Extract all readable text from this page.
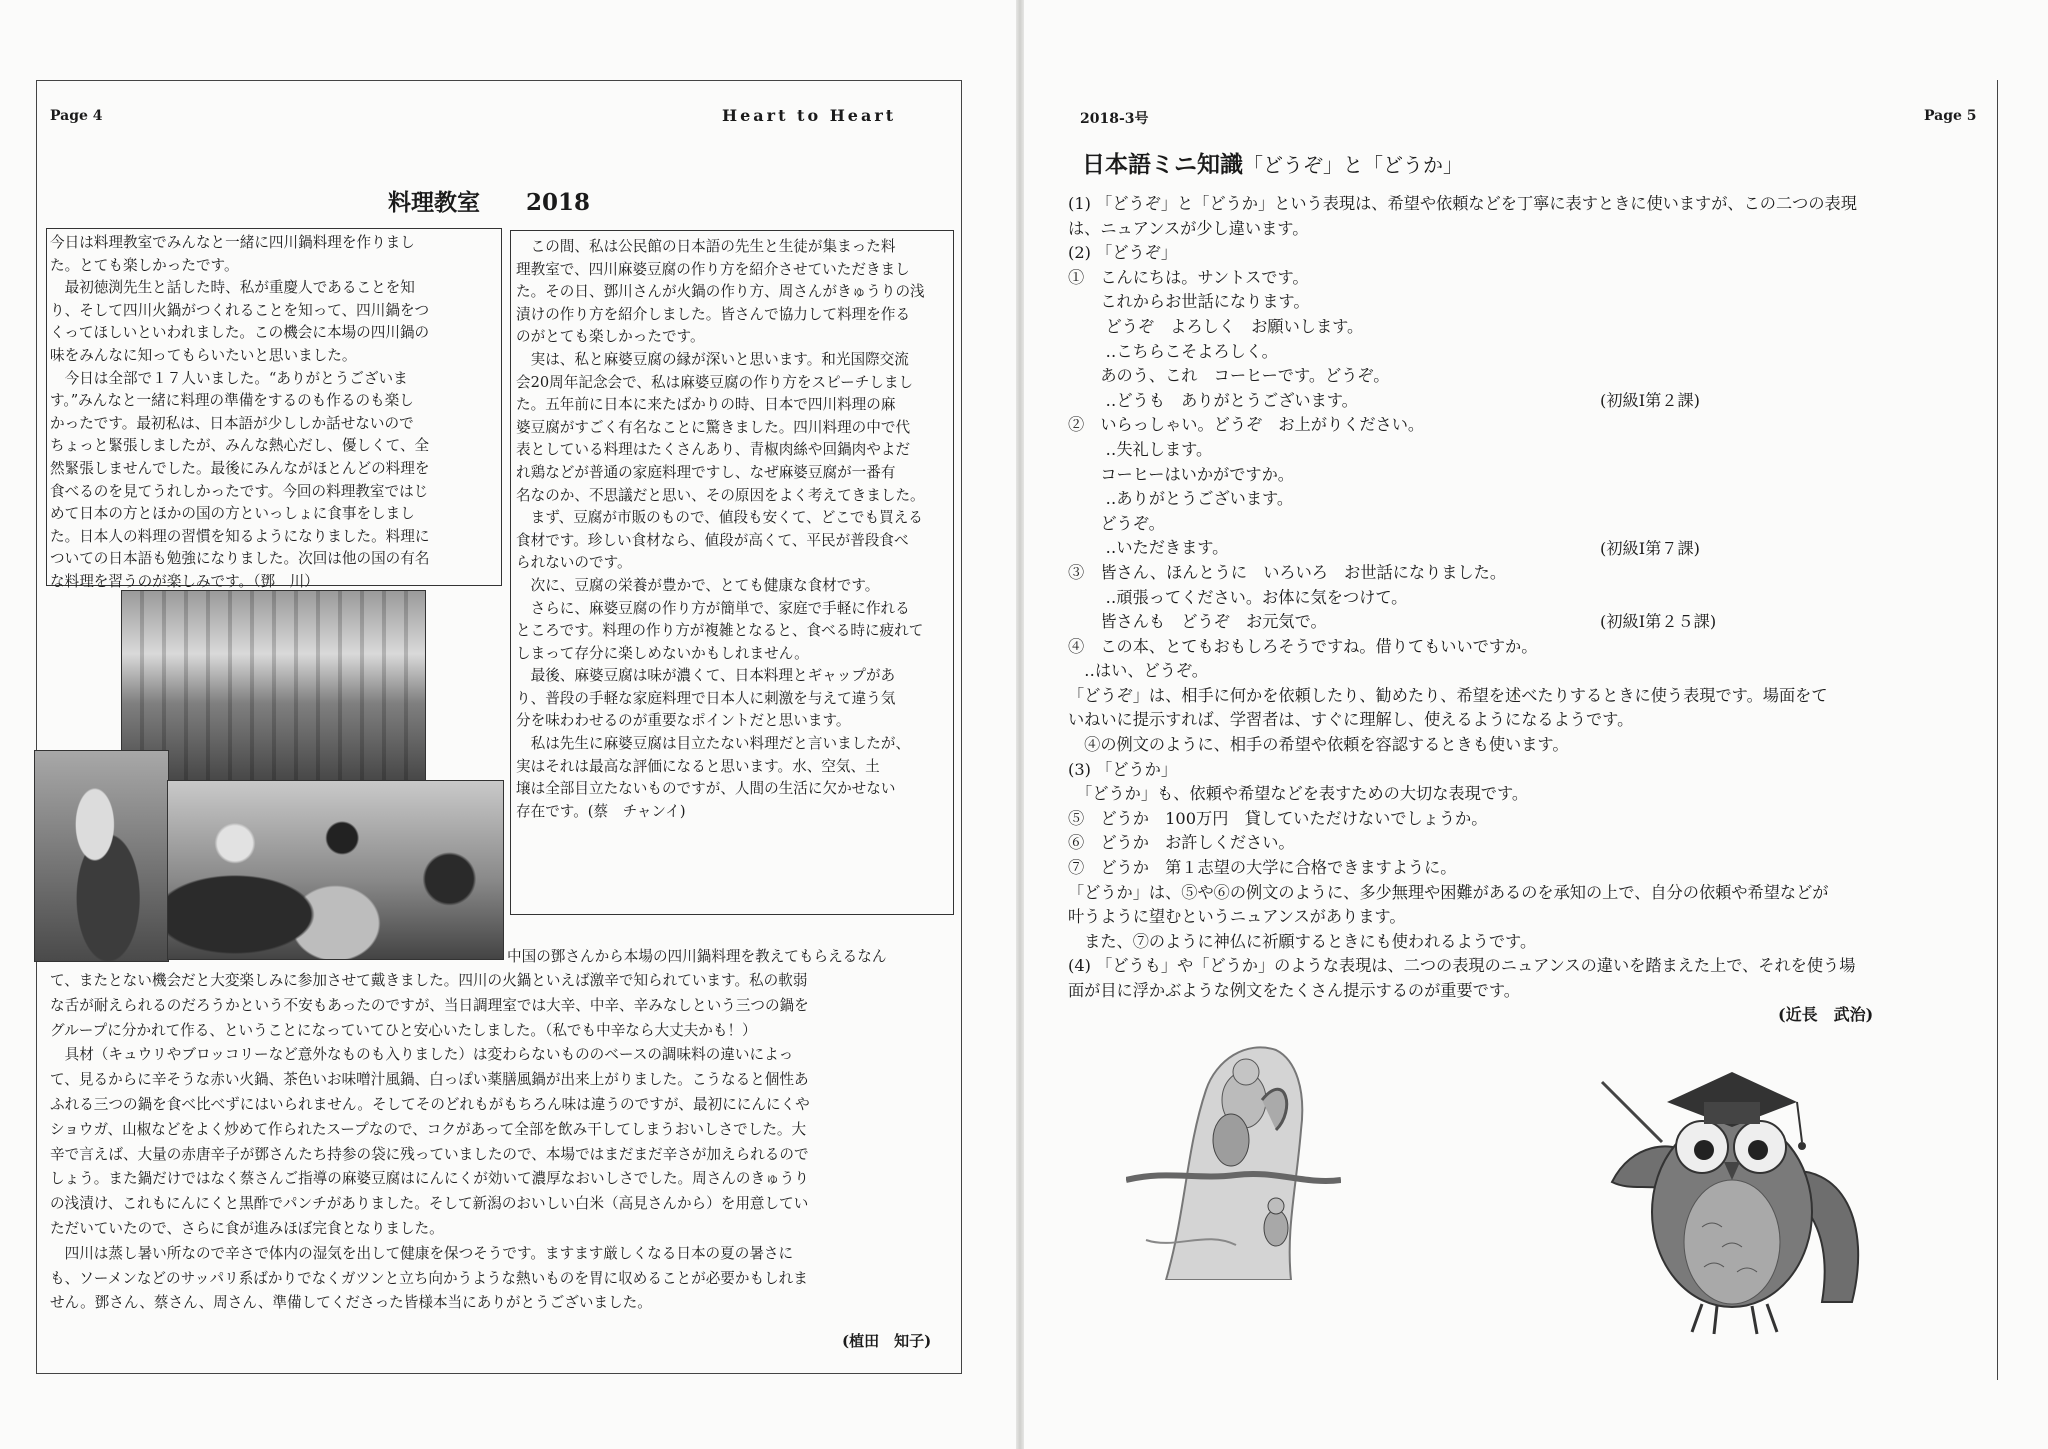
Page 4	Heart to Heart
料理教室　　2018
今日は料理教室でみんなと一緒に四川鍋料理を作りまし
た。とても楽しかったです。
　最初徳渕先生と話した時、私が重慶人であることを知
り、そして四川火鍋がつくれることを知って、四川鍋をつ
くってほしいといわれました。この機会に本場の四川鍋の
味をみんなに知ってもらいたいと思いました。
　今日は全部で１７人いました。“ありがとうございま
す。”みんなと一緒に料理の準備をするのも作るのも楽し
かったです。最初私は、日本語が少ししか話せないので
ちょっと緊張しましたが、みんな熱心だし、優しくて、全
然緊張しませんでした。最後にみんながほとんどの料理を
食べるのを見てうれしかったです。今回の料理教室ではじ
めて日本の方とほかの国の方といっしょに食事をしまし
た。日本人の料理の習慣を知るようになりました。料理に
ついての日本語も勉強になりました。次回は他の国の有名
な料理を習うのが楽しみです。（鄧　川）
　この間、私は公民館の日本語の先生と生徒が集まった料
理教室で、四川麻婆豆腐の作り方を紹介させていただきまし
た。その日、鄧川さんが火鍋の作り方、周さんがきゅうりの浅
漬けの作り方を紹介しました。皆さんで協力して料理を作る
のがとても楽しかったです。
　実は、私と麻婆豆腐の縁が深いと思います。和光国際交流
会20周年記念会で、私は麻婆豆腐の作り方をスピーチしまし
た。五年前に日本に来たばかりの時、日本で四川料理の麻
婆豆腐がすごく有名なことに驚きました。四川料理の中で代
表としている料理はたくさんあり、青椒肉絲や回鍋肉やよだ
れ鶏などが普通の家庭料理ですし、なぜ麻婆豆腐が一番有
名なのか、不思議だと思い、その原因をよく考えてきました。
　まず、豆腐が市販のもので、値段も安くて、どこでも買える
食材です。珍しい食材なら、値段が高くて、平民が普段食べ
られないのです。
　次に、豆腐の栄養が豊かで、とても健康な食材です。
　さらに、麻婆豆腐の作り方が簡単で、家庭で手軽に作れる
ところです。料理の作り方が複雑となると、食べる時に疲れて
しまって存分に楽しめないかもしれません。
　最後、麻婆豆腐は味が濃くて、日本料理とギャップがあ
り、普段の手軽な家庭料理で日本人に刺激を与えて違う気
分を味わわせるのが重要なポイントだと思います。
　私は先生に麻婆豆腐は目立たない料理だと言いましたが、
実はそれは最高な評価になると思います。水、空気、土
壌は全部目立たないものですが、人間の生活に欠かせない
存在です。(蔡　チャンイ)
中国の鄧さんから本場の四川鍋料理を教えてもらえるなん
て、またとない機会だと大変楽しみに参加させて戴きました。四川の火鍋といえば激辛で知られています。私の軟弱
な舌が耐えられるのだろうかという不安もあったのですが、当日調理室では大辛、中辛、辛みなしという三つの鍋を
グループに分かれて作る、ということになっていてひと安心いたしました。（私でも中辛なら大丈夫かも！）
　具材（キュウリやブロッコリーなど意外なものも入りました）は変わらないもののベースの調味料の違いによっ
て、見るからに辛そうな赤い火鍋、茶色いお味噌汁風鍋、白っぽい薬膳風鍋が出来上がりました。こうなると個性あ
ふれる三つの鍋を食べ比べずにはいられません。そしてそのどれもがもちろん味は違うのですが、最初ににんにくや
ショウガ、山椒などをよく炒めて作られたスープなので、コクがあって全部を飲み干してしまうおいしさでした。大
辛で言えば、大量の赤唐辛子が鄧さんたち持参の袋に残っていましたので、本場ではまだまだ辛さが加えられるので
しょう。また鍋だけではなく蔡さんご指導の麻婆豆腐はにんにくが効いて濃厚なおいしさでした。周さんのきゅうり
の浅漬け、これもにんにくと黒酢でパンチがありました。そして新潟のおいしい白米（高見さんから）を用意してい
ただいていたので、さらに食が進みほぼ完食となりました。
　四川は蒸し暑い所なので辛さで体内の湿気を出して健康を保つそうです。ますます厳しくなる日本の夏の暑さに
も、ソーメンなどのサッパリ系ばかりでなくガツンと立ち向かうような熱いものを胃に収めることが必要かもしれま
せん。鄧さん、蔡さん、周さん、準備してくださった皆様本当にありがとうございました。
(植田　知子)
2018-3号	Page 5
日本語ミニ知識「どうぞ」と「どうか」
(1) 「どうぞ」と「どうか」という表現は、希望や依頼などを丁寧に表すときに使いますが、この二つの表現
は、ニュアンスが少し違います。
(2) 「どうぞ」
①　こんにちは。サントスです。
　　これからお世話になります。
　　 どうぞ　よろしく　お願いします。
　　 ‥こちらこそよろしく。
　　あのう、これ　コーヒーです。どうぞ。
　　 ‥どうも　ありがとうございます。
②　いらっしゃい。どうぞ　お上がりください。
　　 ‥失礼します。
　　コーヒーはいかがですか。
　　 ‥ありがとうございます。
　　どうぞ。
　　 ‥いただきます。
③　皆さん、ほんとうに　いろいろ　お世話になりました。
　　 ‥頑張ってください。お体に気をつけて。
　　皆さんも　どうぞ　お元気で。
④　この本、とてもおもしろそうですね。借りてもいいですか。
　‥はい、どうぞ。
「どうぞ」は、相手に何かを依頼したり、勧めたり、希望を述べたりするときに使う表現です。場面をて
いねいに提示すれば、学習者は、すぐに理解し、使えるようになるようです。
　④の例文のように、相手の希望や依頼を容認するときも使います。
(3) 「どうか」
　「どうか」も、依頼や希望などを表すための大切な表現です。
⑤　どうか　100万円　貸していただけないでしょうか。
⑥　どうか　お許しください。
⑦　どうか　第１志望の大学に合格できますように。
「どうか」は、⑤や⑥の例文のように、多少無理や困難があるのを承知の上で、自分の依頼や希望などが
叶うように望むというニュアンスがあります。
　また、⑦のように神仏に祈願するときにも使われるようです。
(4) 「どうも」や「どうか」のような表現は、二つの表現のニュアンスの違いを踏まえた上で、それを使う場
面が目に浮かぶような例文をたくさん提示するのが重要です。
(初級Ⅰ第２課)
(初級Ⅰ第７課)
(初級Ⅰ第２５課)
(近長　武治)
